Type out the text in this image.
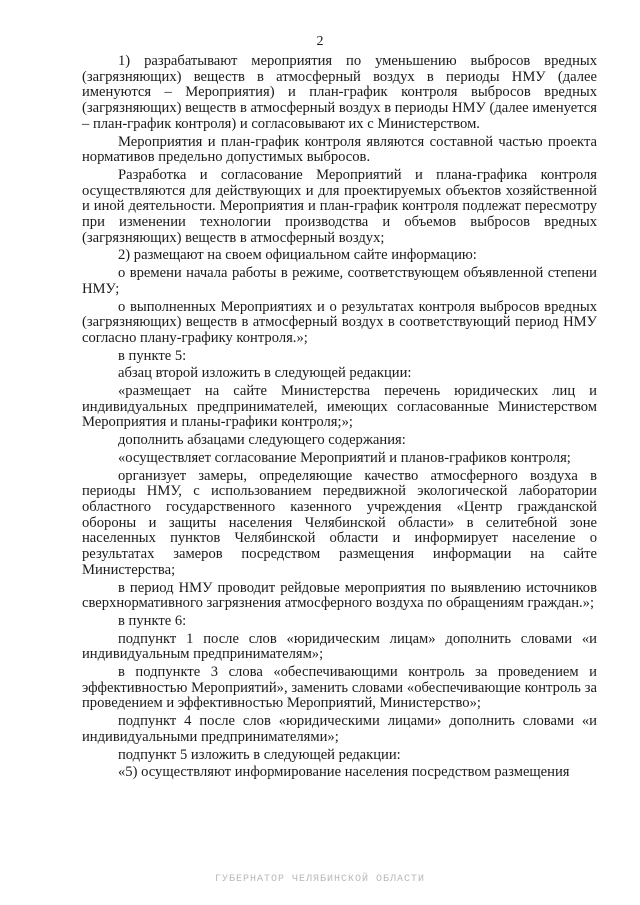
2

1) разрабатывают мероприятия по уменьшению выбросов вредных (загрязняющих) веществ в атмосферный воздух в периоды НМУ (далее именуются – Мероприятия) и план-график контроля выбросов вредных (загрязняющих) веществ в атмосферный воздух в периоды НМУ (далее именуется – план-график контроля) и согласовывают их с Министерством.

Мероприятия и план-график контроля являются составной частью проекта нормативов предельно допустимых выбросов.

Разработка и согласование Мероприятий и плана-графика контроля осуществляются для действующих и для проектируемых объектов хозяйственной и иной деятельности. Мероприятия и план-график контроля подлежат пересмотру при изменении технологии производства и объемов выбросов вредных (загрязняющих) веществ в атмосферный воздух;

2) размещают на своем официальном сайте информацию:

о времени начала работы в режиме, соответствующем объявленной степени НМУ;

о выполненных Мероприятиях и о результатах контроля выбросов вредных (загрязняющих) веществ в атмосферный воздух в соответствующий период НМУ согласно плану-графику контроля.»;

в пункте 5:

абзац второй изложить в следующей редакции:

«размещает на сайте Министерства перечень юридических лиц и индивидуальных предпринимателей, имеющих согласованные Министерством Мероприятия и планы-графики контроля;»;

дополнить абзацами следующего содержания:

«осуществляет согласование Мероприятий и планов-графиков контроля;

организует замеры, определяющие качество атмосферного воздуха в периоды НМУ, с использованием передвижной экологической лаборатории областного государственного казенного учреждения «Центр гражданской обороны и защиты населения Челябинской области» в селитебной зоне населенных пунктов Челябинской области и информирует население о результатах замеров посредством размещения информации на сайте Министерства;

в период НМУ проводит рейдовые мероприятия по выявлению источников сверхнормативного загрязнения атмосферного воздуха по обращениям граждан.»;

в пункте 6:

подпункт 1 после слов «юридическим лицам» дополнить словами «и индивидуальным предпринимателям»;

в подпункте 3 слова «обеспечивающими контроль за проведением и эффективностью Мероприятий», заменить словами «обеспечивающие контроль за проведением и эффективностью Мероприятий, Министерство»;

подпункт 4 после слов «юридическими лицами» дополнить словами «и индивидуальными предпринимателями»;

подпункт 5 изложить в следующей редакции:

«5) осуществляют информирование населения посредством размещения

ГУБЕРНАТОР ЧЕЛЯБИНСКОЙ ОБЛАСТИ
